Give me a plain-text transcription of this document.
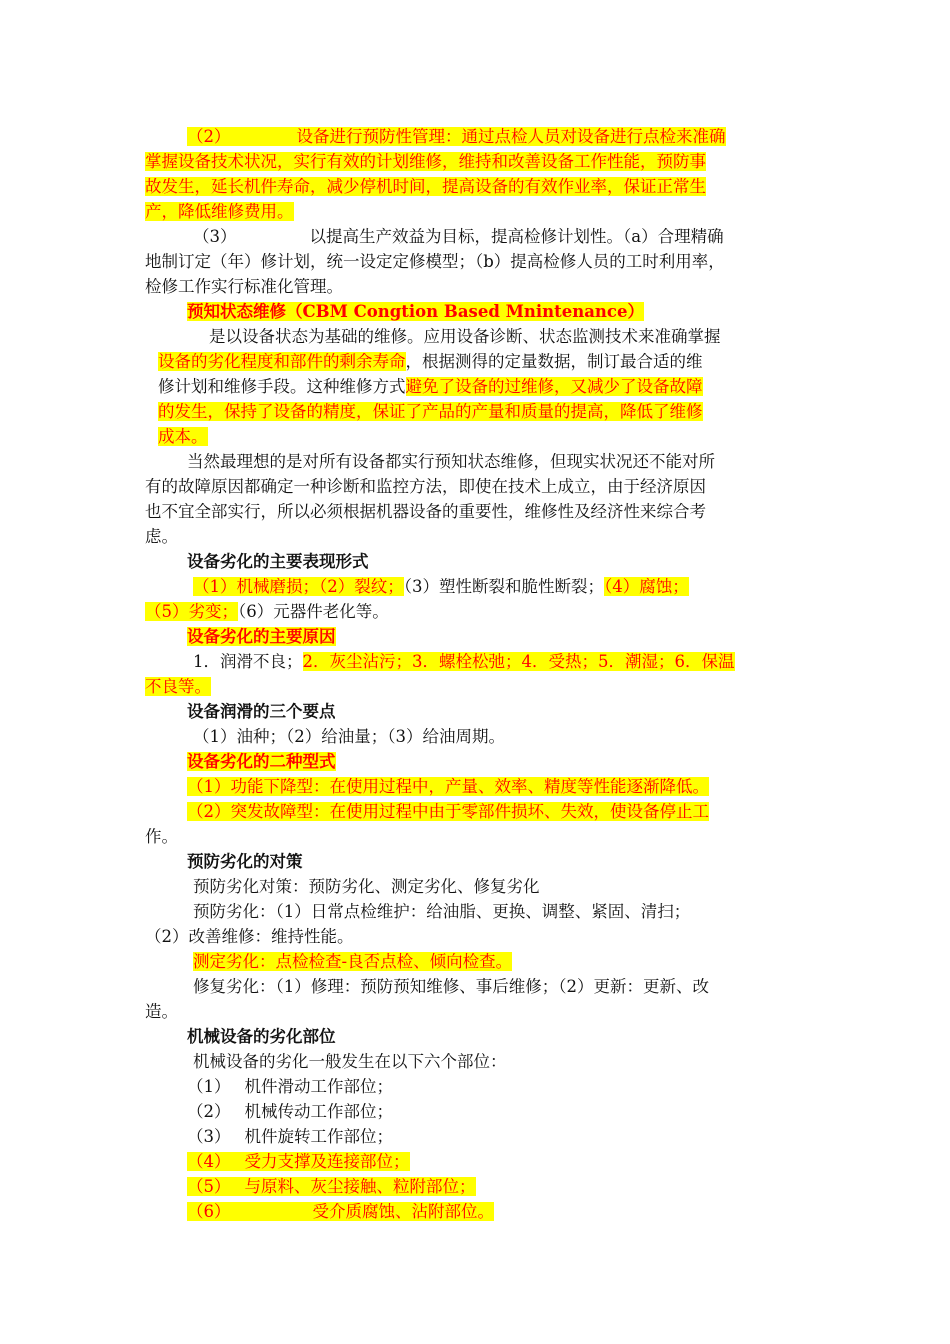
（2）	设备进行预防性管理：通过点检人员对设备进行点检来准确
掌握设备技术状况，实行有效的计划维修，维持和改善设备工作性能，预防事
故发生，延长机件寿命，减少停机时间，提高设备的有效作业率，保证正常生
产，降低维修费用。
（3）	以提高生产效益为目标，提高检修计划性。（a）合理精确
地制订定（年）修计划，统一设定定修模型；（b）提高检修人员的工时利用率，
检修工作实行标准化管理。
预知状态维修（CBM Congtion Based Mnintenance）
是以设备状态为基础的维修。应用设备诊断、状态监测技术来准确掌握
设备的劣化程度和部件的剩余寿命，根据测得的定量数据，制订最合适的维
修计划和维修手段。这种维修方式避免了设备的过维修，又减少了设备故障
的发生，保持了设备的精度，保证了产品的产量和质量的提高，降低了维修
成本。
当然最理想的是对所有设备都实行预知状态维修，但现实状况还不能对所
有的故障原因都确定一种诊断和监控方法，即使在技术上成立，由于经济原因
也不宜全部实行，所以必须根据机器设备的重要性，维修性及经济性来综合考
虑。
设备劣化的主要表现形式
（1）机械磨损；（2）裂纹；（3）塑性断裂和脆性断裂；（4）腐蚀；
（5）劣变；（6）元器件老化等。
设备劣化的主要原因
1．润滑不良；2．灰尘沾污；3．螺栓松弛；4．受热；5．潮湿；6．保温
不良等。
设备润滑的三个要点
（1）油种；（2）给油量；（3）给油周期。
设备劣化的二种型式
（1）功能下降型：在使用过程中，产量、效率、精度等性能逐渐降低。
（2）突发故障型：在使用过程中由于零部件损坏、失效，使设备停止工
作。
预防劣化的对策
预防劣化对策：预防劣化、测定劣化、修复劣化
预防劣化：（1）日常点检维护：给油脂、更换、调整、紧固、清扫；
（2）改善维修：维持性能。
测定劣化：点检检查-良否点检、倾向检查。
修复劣化：（1）修理：预防预知维修、事后维修；（2）更新：更新、改
造。
机械设备的劣化部位
机械设备的劣化一般发生在以下六个部位：
（1） 机件滑动工作部位；
（2） 机械传动工作部位；
（3） 机件旋转工作部位；
（4） 受力支撑及连接部位；
（5） 与原料、灰尘接触、粒附部位；
（6）	受介质腐蚀、沾附部位。
